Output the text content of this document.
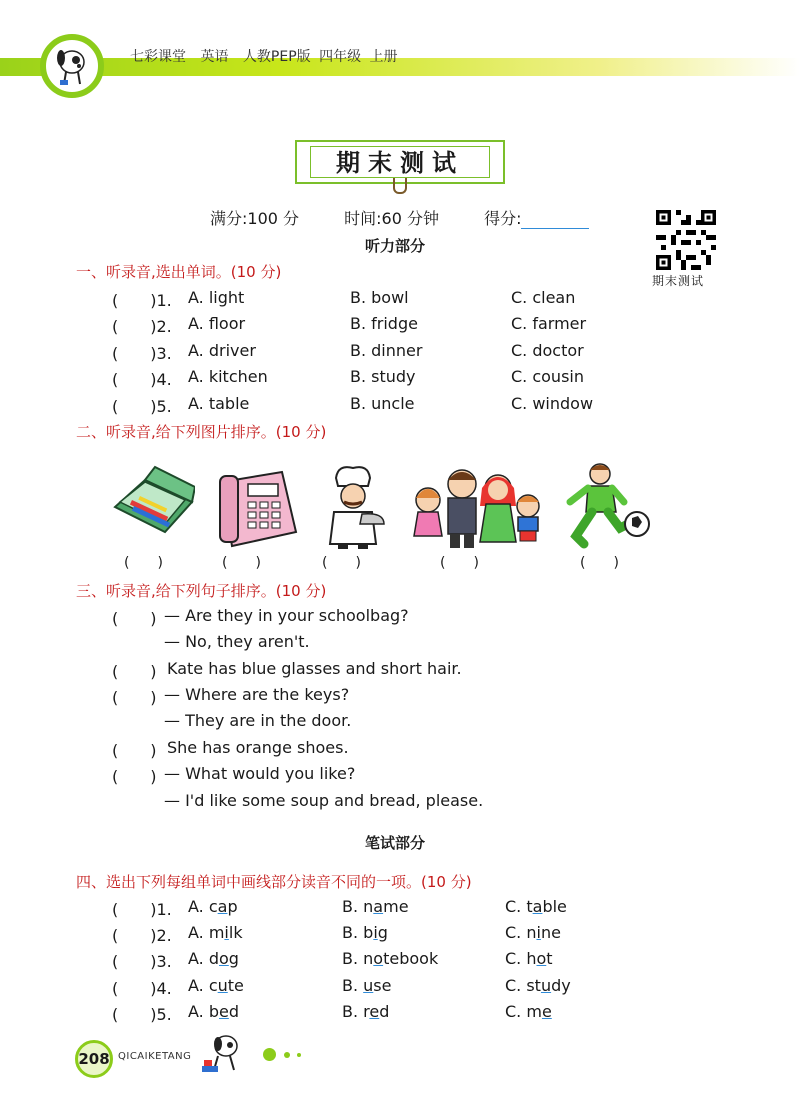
七彩课堂 英语 人教PEP版 四年级 上册
期末测试
满分:100 分	时间:60 分钟	得分:
期末测试
听力部分
一、听录音,选出单词。(10 分)
(　　)1. A. light	B. bowl	C. clean
(　　)2. A. floor	B. fridge	C. farmer
(　　)3. A. driver	B. dinner	C. doctor
(　　)4. A. kitchen	B. study	C. cousin
(　　)5. A. table	B. uncle	C. window
二、听录音,给下列图片排序。(10 分)
(　　)	(　　)	(　　)	(　　)	(　　)
三、听录音,给下列句子排序。(10 分)
(　　) — Are they in your schoolbag?
— No, they aren't.
(　　) Kate has blue glasses and short hair.
(　　) — Where are the keys?
— They are in the door.
(　　) She has orange shoes.
(　　) — What would you like?
— I'd like some soup and bread, please.
笔试部分
四、选出下列每组单词中画线部分读音不同的一项。(10 分)
(　　)1. A. cap	B. name	C. table
(　　)2. A. milk	B. big	C. nine
(　　)3. A. dog	B. notebook	C. hot
(　　)4. A. cute	B. use	C. study
(　　)5. A. bed	B. red	C. me
208 QICAIKETANG
